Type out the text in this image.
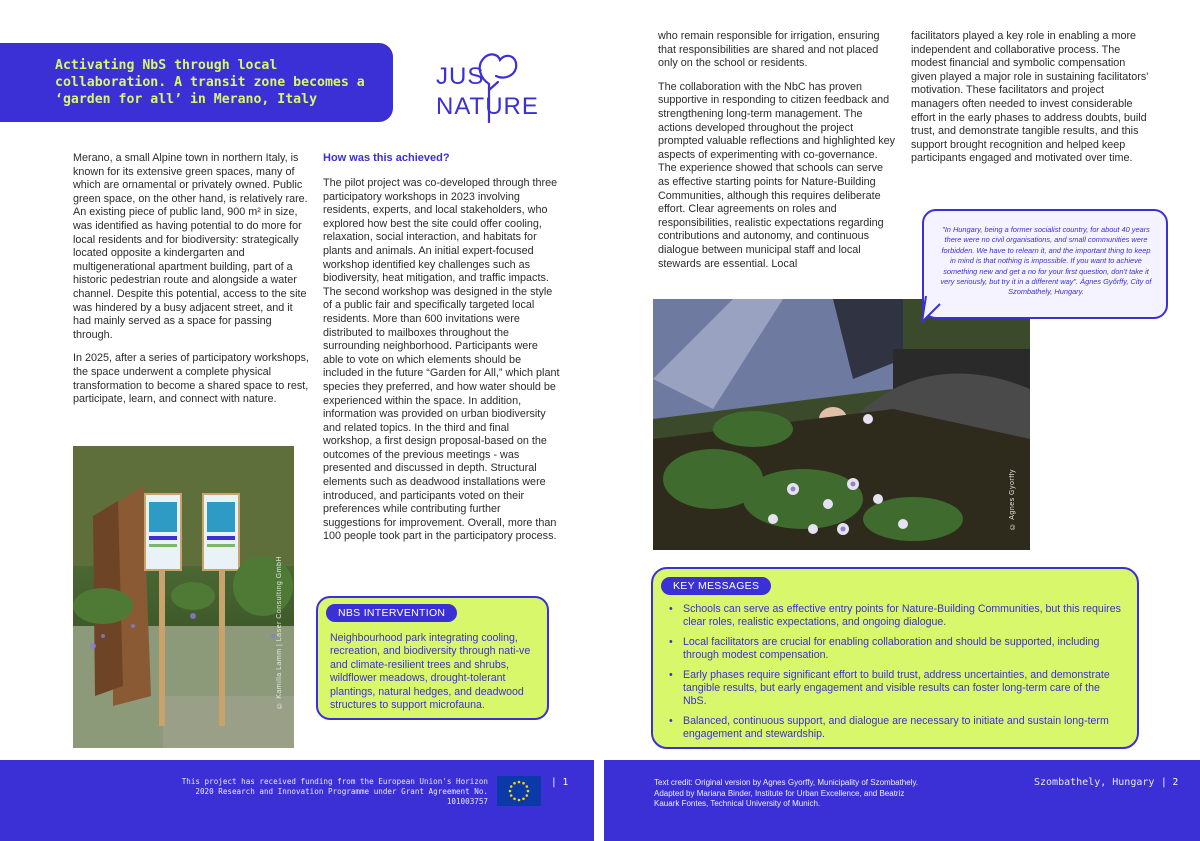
Activating NbS through local collaboration. A transit zone becomes a ‘garden for all’ in Merano, Italy
JUS
NATURE

Merano, a small Alpine town in northern Italy, is known for its extensive green spaces, many of which are ornamental or privately owned. Public green space, on the other hand, is relatively rare. An existing piece of public land, 900 m² in size, was identified as having potential to do more for local residents and for biodiversity: strategically located opposite a kindergarten and multigenerational apartment building, part of a historic pedestrian route and alongside a water channel. Despite this potential, access to the site was hindered by a busy adjacent street, and it had mainly served as a space for passing through.

In 2025, after a series of participatory workshops, the space underwent a complete physical transformation to become a shared space to rest, participate, learn, and connect with nature.

How was this achieved?

The pilot project was co-developed through three participatory workshops in 2023 involving residents, experts, and local stakeholders, who explored how best the site could offer cooling, relaxation, social interaction, and habitats for plants and animals. An initial expert-focused workshop identified key challenges such as biodiversity, heat mitigation, and traffic impacts. The second workshop was designed in the style of a public fair and specifically targeted local residents. More than 600 invitations were distributed to mailboxes throughout the surrounding neighborhood. Participants were able to vote on which elements should be included in the future “Garden for All,” which plant species they preferred, and how water should be experienced within the space. In addition, information was provided on urban biodiversity and related topics. In the third and final workshop, a first design proposal-based on the outcomes of the previous meetings - was presented and discussed in depth. Structural elements such as deadwood installations were introduced, and participants voted on their preferences while contributing further suggestions for improvement. Overall, more than 100 people took part in the participatory process.

who remain responsible for irrigation, ensuring that responsibilities are shared and not placed only on the school or residents.

The collaboration with the NbC has proven supportive in responding to citizen feedback and strengthening long-term management. The actions developed throughout the project prompted valuable reflections and highlighted key aspects of experimenting with co-governance. The experience showed that schools can serve as effective starting points for Nature-Building Communities, although this requires deliberate effort. Clear agreements on roles and responsibilities, realistic expectations regarding contributions and autonomy, and continuous dialogue between municipal staff and local stewards are essential. Local

facilitators played a key role in enabling a more independent and collaborative process. The modest financial and symbolic compensation given played a major role in sustaining facilitators' motivation. These facilitators and project managers often needed to invest considerable effort in the early phases to address doubts, build trust, and demonstrate tangible results, and this support brought recognition and helped keep participants engaged and motivated over time.

© Kamilla Lamm | Laser Consulting GmbH
© Agnes Gyorffy

"In Hungary, being a former socialist country, for about 40 years there were no civil organisations, and small communities were forbidden. We have to relearn it, and the important thing to keep in mind is that nothing is impossible. If you want to achieve something new and get a no for your first question, don't take it very seriously, but try it in a different way". Ágnes Győrffy, City of Szombathely, Hungary.

NBS INTERVENTION

Neighbourhood park integrating cooling, recreation, and biodiversity through nati-ve and climate-resilient trees and shrubs, wildflower meadows, drought-tolerant plantings, natural hedges, and deadwood structures to support microfauna.

KEY MESSAGES
• Schools can serve as effective entry points for Nature-Building Communities, but this requires clear roles, realistic expectations, and ongoing dialogue.
• Local facilitators are crucial for enabling collaboration and should be supported, including through modest compensation.
• Early phases require significant effort to build trust, address uncertainties, and demonstrate tangible results, but early engagement and visible results can foster long-term care of the NbS.
• Balanced, continuous support, and dialogue are necessary to initiate and sustain long-term engagement and stewardship.

This project has received funding from the European Union's Horizon 2020 Research and Innovation Programme under Grant Agreement No. 101003757

| 1	Text credit: Original version by Agnes Gyorffy, Municipality of Szombathely. Adapted by Mariana Binder, Institute for Urban Excellence, and Beatriz Kauark Fontes, Technical University of Munich.

Szombathely, Hungary | 2
